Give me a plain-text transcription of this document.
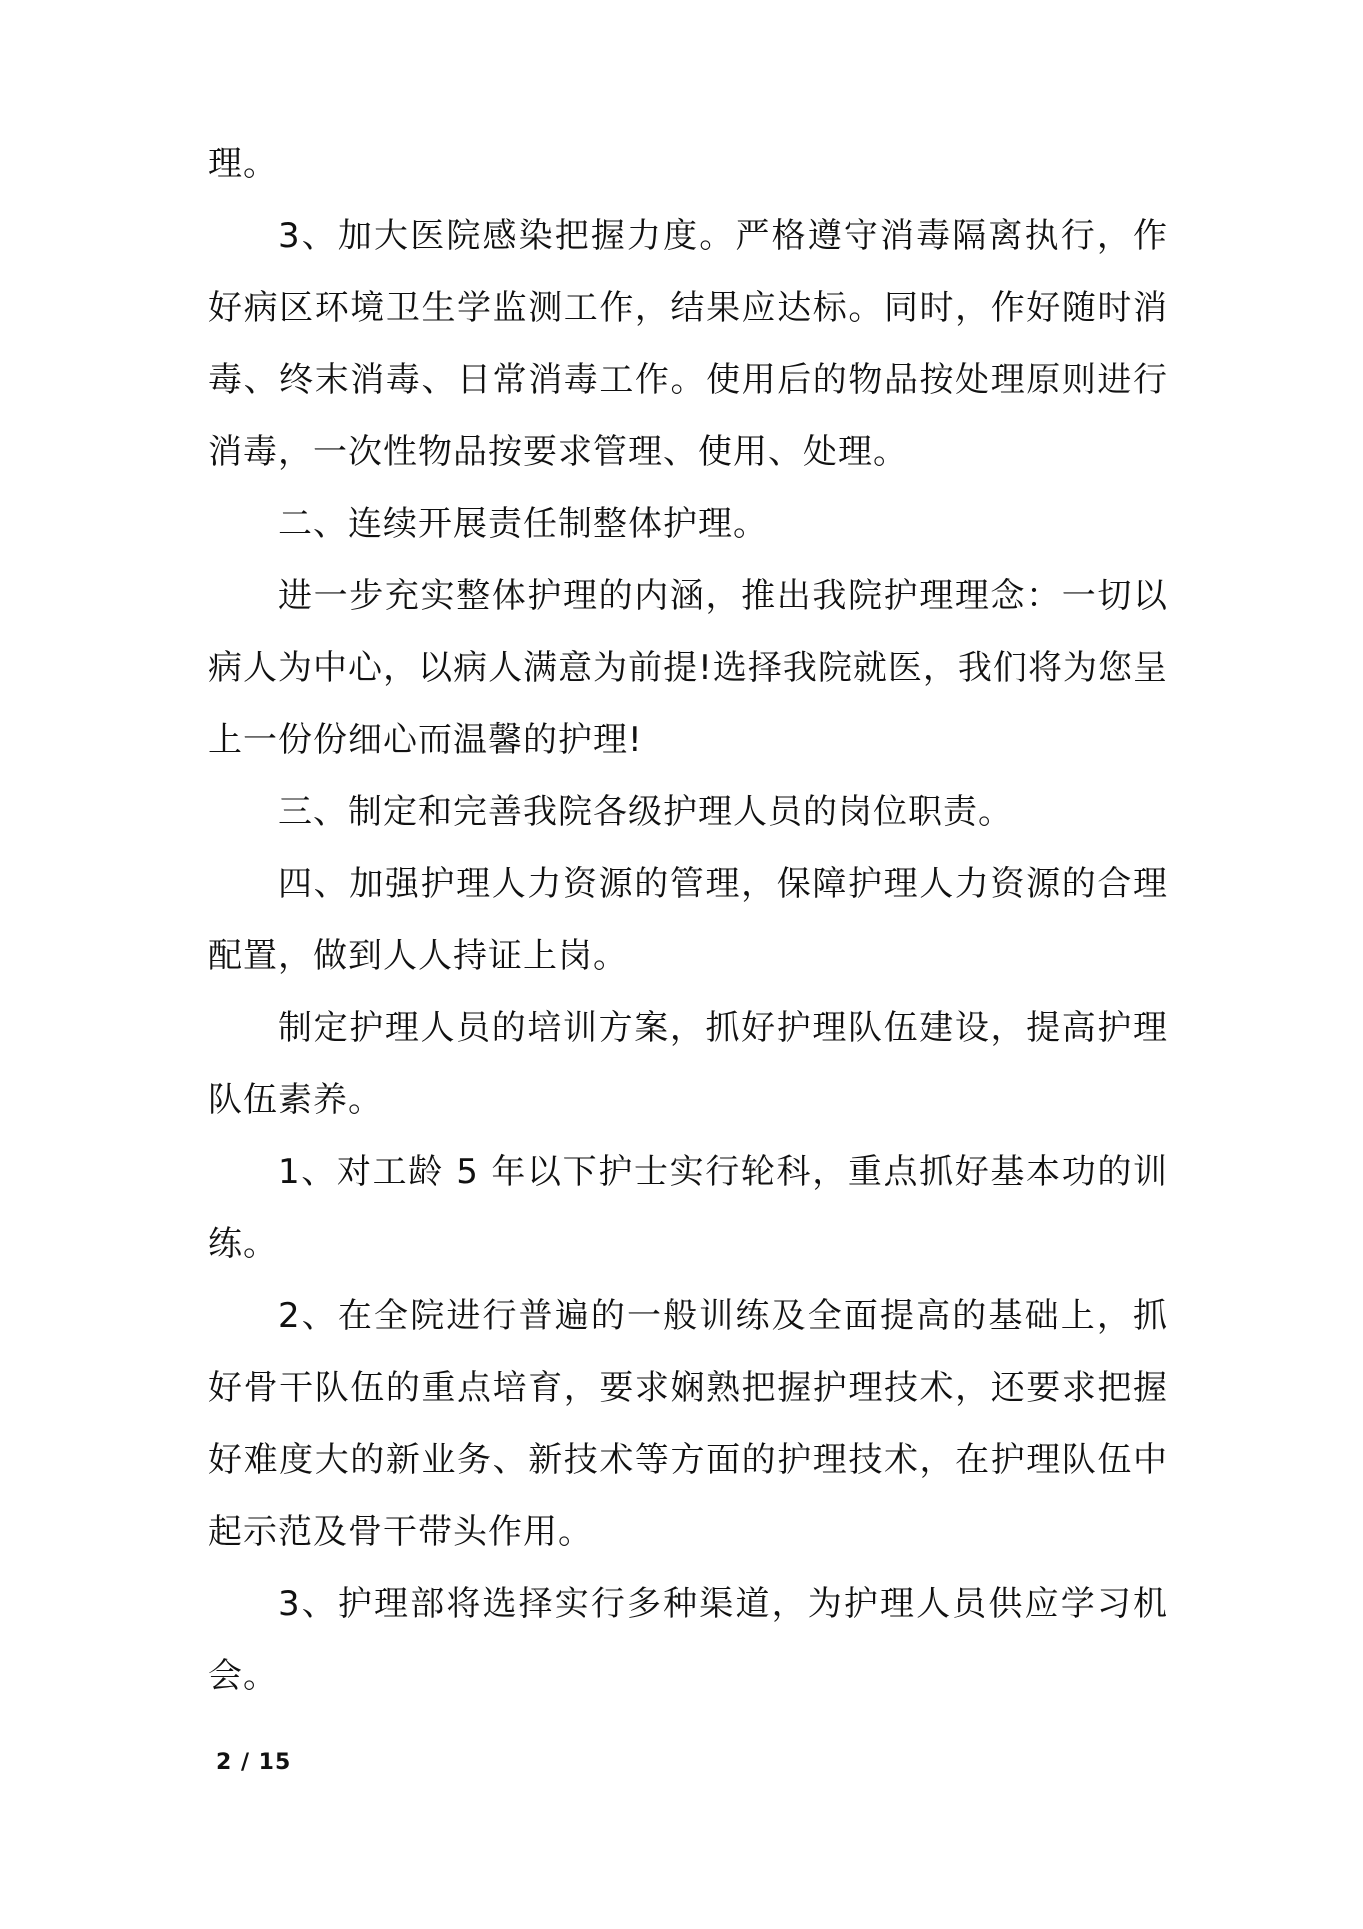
理。

3、加大医院感染把握力度。严格遵守消毒隔离执行，作好病区环境卫生学监测工作，结果应达标。同时，作好随时消毒、终末消毒、日常消毒工作。使用后的物品按处理原则进行消毒，一次性物品按要求管理、使用、处理。

二、连续开展责任制整体护理。

进一步充实整体护理的内涵，推出我院护理理念：一切以病人为中心，以病人满意为前提!选择我院就医，我们将为您呈上一份份细心而温馨的护理!

三、制定和完善我院各级护理人员的岗位职责。

四、加强护理人力资源的管理，保障护理人力资源的合理配置，做到人人持证上岗。

制定护理人员的培训方案，抓好护理队伍建设，提高护理队伍素养。

1、对工龄 5 年以下护士实行轮科，重点抓好基本功的训练。

2、在全院进行普遍的一般训练及全面提高的基础上，抓好骨干队伍的重点培育，要求娴熟把握护理技术，还要求把握好难度大的新业务、新技术等方面的护理技术，在护理队伍中起示范及骨干带头作用。

3、护理部将选择实行多种渠道，为护理人员供应学习机会。

2 / 15
